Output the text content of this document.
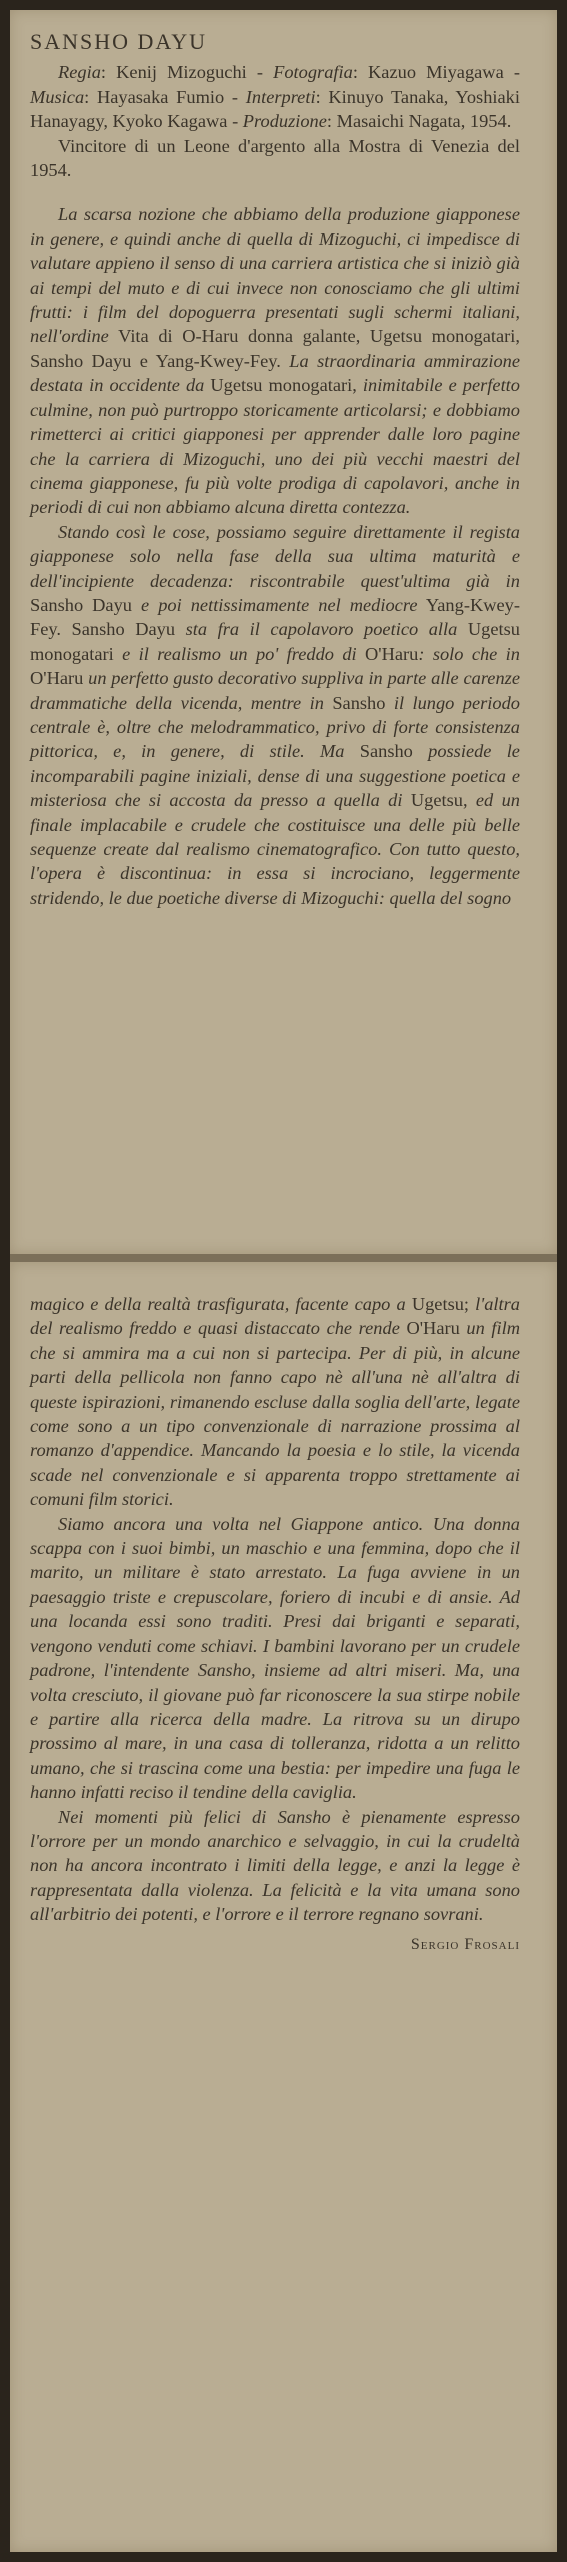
SANSHO DAYU

Regia: Kenij Mizoguchi - Fotografia: Kazuo Miyagawa - Musica: Hayasaka Fumio - Interpreti: Kinuyo Tanaka, Yoshiaki Hanayagy, Kyoko Kagawa - Produzione: Masaichi Nagata, 1954.

Vincitore di un Leone d'argento alla Mostra di Venezia del 1954.

La scarsa nozione che abbiamo della produzione giapponese in genere, e quindi anche di quella di Mizoguchi, ci impedisce di valutare appieno il senso di una carriera artistica che si iniziò già ai tempi del muto e di cui invece non conosciamo che gli ultimi frutti: i film del dopoguerra presentati sugli schermi italiani, nell'ordine Vita di O-Haru donna galante, Ugetsu monogatari, Sansho Dayu e Yang-Kwey-Fey. La straordinaria ammirazione destata in occidente da Ugetsu monogatari, inimitabile e perfetto culmine, non può purtroppo storicamente articolarsi; e dobbiamo rimetterci ai critici giapponesi per apprender dalle loro pagine che la carriera di Mizoguchi, uno dei più vecchi maestri del cinema giapponese, fu più volte prodiga di capolavori, anche in periodi di cui non abbiamo alcuna diretta contezza.

Stando così le cose, possiamo seguire direttamente il regista giapponese solo nella fase della sua ultima maturità e dell'incipiente decadenza: riscontrabile quest'ultima già in Sansho Dayu e poi nettissimamente nel mediocre Yang-Kwey-Fey. Sansho Dayu sta fra il capolavoro poetico alla Ugetsu monogatari e il realismo un po' freddo di O'Haru: solo che in O'Haru un perfetto gusto decorativo suppliva in parte alle carenze drammatiche della vicenda, mentre in Sansho il lungo periodo centrale è, oltre che melodrammatico, privo di forte consistenza pittorica, e, in genere, di stile. Ma Sansho possiede le incomparabili pagine iniziali, dense di una suggestione poetica e misteriosa che si accosta da presso a quella di Ugetsu, ed un finale implacabile e crudele che costituisce una delle più belle sequenze create dal realismo cinematografico. Con tutto questo, l'opera è discontinua: in essa si incrociano, leggermente stridendo, le due poetiche diverse di Mizoguchi: quella del sogno

magico e della realtà trasfigurata, facente capo a Ugetsu; l'altra del realismo freddo e quasi distaccato che rende O'Haru un film che si ammira ma a cui non si partecipa. Per di più, in alcune parti della pellicola non fanno capo nè all'una nè all'altra di queste ispirazioni, rimanendo escluse dalla soglia dell'arte, legate come sono a un tipo convenzionale di narrazione prossima al romanzo d'appendice. Mancando la poesia e lo stile, la vicenda scade nel convenzionale e si apparenta troppo strettamente ai comuni film storici.

Siamo ancora una volta nel Giappone antico. Una donna scappa con i suoi bimbi, un maschio e una femmina, dopo che il marito, un militare è stato arrestato. La fuga avviene in un paesaggio triste e crepuscolare, foriero di incubi e di ansie. Ad una locanda essi sono traditi. Presi dai briganti e separati, vengono venduti come schiavi. I bambini lavorano per un crudele padrone, l'intendente Sansho, insieme ad altri miseri. Ma, una volta cresciuto, il giovane può far riconoscere la sua stirpe nobile e partire alla ricerca della madre. La ritrova su un dirupo prossimo al mare, in una casa di tolleranza, ridotta a un relitto umano, che si trascina come una bestia: per impedire una fuga le hanno infatti reciso il tendine della caviglia.

Nei momenti più felici di Sansho è pienamente espresso l'orrore per un mondo anarchico e selvaggio, in cui la crudeltà non ha ancora incontrato i limiti della legge, e anzi la legge è rappresentata dalla violenza. La felicità e la vita umana sono all'arbitrio dei potenti, e l'orrore e il terrore regnano sovrani.

Sergio Frosali
